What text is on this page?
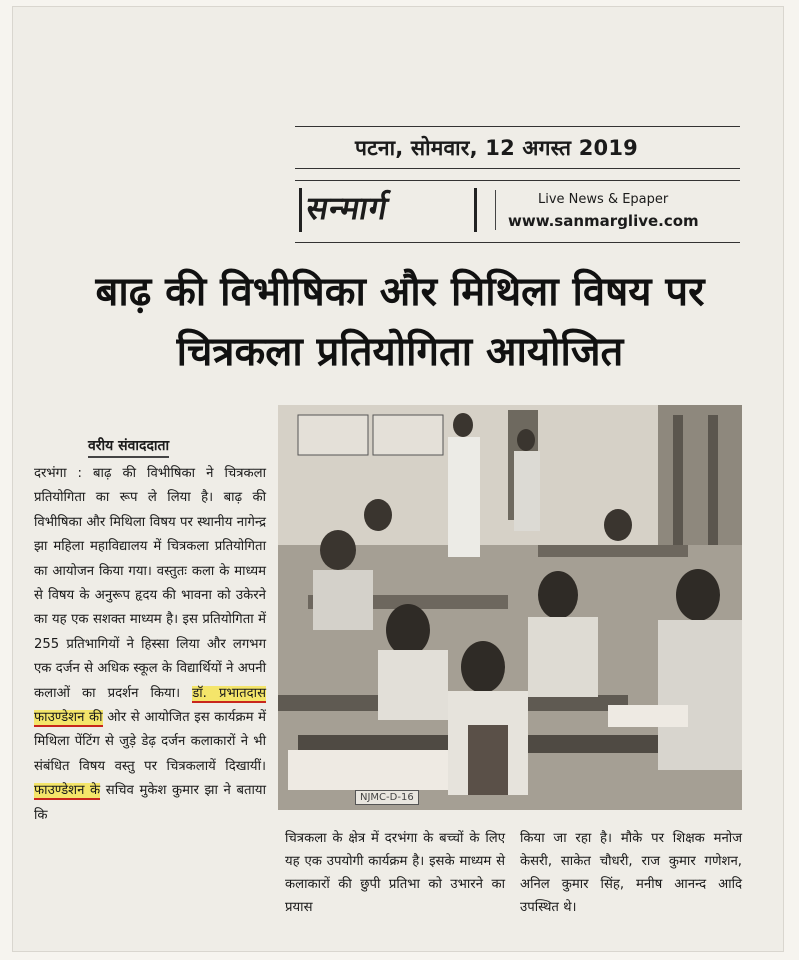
पटना, सोमवार, 12 अगस्त 2019
सन्मार्ग	Live News & Epaper
www.sanmarglive.com
बाढ़ की विभीषिका और मिथिला विषय पर
चित्रकला प्रतियोगिता आयोजित
वरीय संवाददाता
दरभंगा : बाढ़ की विभीषिका ने चित्रकला प्रतियोगिता का रूप ले लिया है। बाढ़ की विभीषिका और मिथिला विषय पर स्थानीय नागेन्द्र झा महिला महाविद्यालय में चित्रकला प्रतियोगिता का आयोजन किया गया। वस्तुतः कला के माध्यम से विषय के अनुरूप हृदय की भावना को उकेरने का यह एक सशक्त माध्यम है। इस प्रतियोगिता में 255 प्रतिभागियों ने हिस्सा लिया और लगभग एक दर्जन से अधिक स्कूल के विद्यार्थियों ने अपनी कलाओं का प्रदर्शन किया। डॉ. प्रभातदास फाउण्डेशन की ओर से आयोजित इस कार्यक्रम में मिथिला पेंटिंग से जुड़े डेढ़ दर्जन कलाकारों ने भी संबंधित विषय वस्तु पर चित्रकलायें दिखायीं। फाउण्डेशन के सचिव मुकेश कुमार झा ने बताया कि
NJMC-D-16
चित्रकला के क्षेत्र में दरभंगा के बच्चों के लिए यह एक उपयोगी कार्यक्रम है। इसके माध्यम से कलाकारों की छुपी प्रतिभा को उभारने का प्रयास
किया जा रहा है। मौके पर शिक्षक मनोज केसरी, साकेत चौधरी, राज कुमार गणेशन, अनिल कुमार सिंह, मनीष आनन्द आदि उपस्थित थे।
